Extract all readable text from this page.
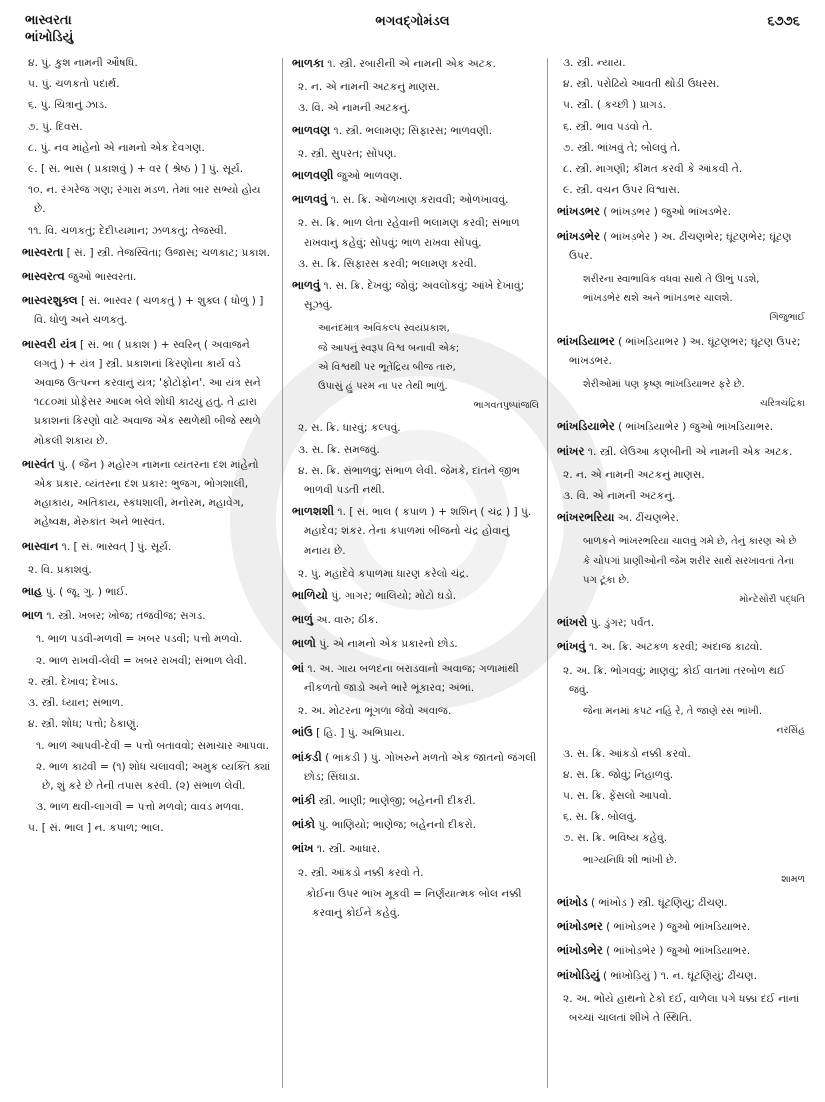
ભાસ્વરતા
ભાંખોડિયું
ભગવદ્ગોમંડલ	૬૭૭૬
૪. પું. કુશ નામની ઔષધિ.
૫. પું. ચળકતો પદાર્થ.
૬. પું. ચિત્રાનું ઝાડ.
૭. પું. દિવસ.
૮. પું. નવ માંહેનો એ નામનો એક દેવગણ.
૯. [ સં. ભાસ ( પ્રકાશવું ) + વર ( શ્રેષ્ઠ ) ] પું. સૂર્ય.
૧૦. ન. રંગરેજ ગણ; રંગારા મંડળ. તેમાં બાર સભ્યો હોય છે.
૧૧. વિ. ચળકતું; દેદીપ્યમાન; ઝળકતું; તેજસ્વી.
ભાસ્વરતા [ સં. ] સ્ત્રી. તેજસ્વિતા; ઉજાસ; ચળકાટ; પ્રકાશ.
ભાસ્વરત્વ જુઓ ભાસ્વરતા.
ભાસ્વરશુક્લ [ સં. ભાસ્વર ( ચળકતું ) + શુક્લ ( ધોળું ) ] વિ. ધોળું અને ચળકતું.
ભાસ્વરી યંત્ર [ સં. ભા ( પ્રકાશ ) + સ્વરિન્ ( અવાજને લગતું ) + યંત્ર ] સ્ત્રી. પ્રકાશનાં કિરણોના કાર્ય વડે અવાજ ઉત્પન્ન કરવાનું યંત્ર; 'ફોટોફોન'. આ યંત્ર સને ૧૮૮૦માં પ્રોફેસર આલ્મ બેલે શોધી કાઢયું હતું. તે દ્વારા પ્રકાશનાં કિરણો વાટે અવાજ એક સ્થળેથી બીજે સ્થળે મોકલી શકાય છે.
ભાસ્વંત પું. ( જૈન ) મહોરગ નામના વ્યંતરના દશ માંહેનો એક પ્રકાર. વ્યંતરના દશ પ્રકાર: ભુજગ, ભોગશાલી, મહાકાય, અતિકાય, સ્કંધશાલી, મનોરમ, મહાવેગ, મહેષ્વક્ષ, મેરુકાંત અને ભાસ્વંત.
ભાસ્વાન ૧. [ સં. ભાસ્વત્ ] પું. સૂર્ય.
૨. વિ. પ્રકાશવું.
ભાહ પું. ( જૂ. ગુ. ) ભાઈ.
ભાળ ૧. સ્ત્રી. ખબર; ખોજ; તજવીજ; સગડ.
૧. ભાળ પડવી-મળવી = ખબર પડવી; પત્તો મળવો.
૨. ભાળ રાખવી-લેવી = ખબર રાખવી; સંભાળ લેવી.
૨. સ્ત્રી. દેખાવ; દેખાડ.
૩. સ્ત્રી. ધ્યાન; સંભાળ.
૪. સ્ત્રી. શોધ; પત્તો; ઠેકાણું.
૧. ભાળ આપવી-દેવી = પત્તો બતાવવો; સમાચાર આપવા.
૨. ભાળ કાઢવી = (૧) શોધ ચલાવવી; અમુક વ્યક્તિ ક્યાં છે, શું કરે છે તેની તપાસ કરવી. (૨) સંભાળ લેવી.
૩. ભાળ થવી-લાગવી = પત્તો મળવો; વાવડ મળવા.
૫. [ સં. ભાલ ] ન. કપાળ; ભાલ.
ભાળકા ૧. સ્ત્રી. રબારીની એ નામની એક અટક.
૨. ન. એ નામની અટકનું માણસ.
૩. વિ. એ નામની અટકનું.
ભાળવણ ૧. સ્ત્રી. ભલામણ; સિફારસ; ભાળવણી.
૨. સ્ત્રી. સુપરત; સોંપણ.
ભાળવણી જુઓ ભાળવણ.
ભાળવવું ૧. સ. ક્રિ. ઓળખાણ કરાવવી; ઓળખાવવું.
૨. સ. ક્રિ. ભાળ લેતા રહેવાની ભલામણ કરવી; સંભાળ રાખવાનું કહેવું; સોંપવું; ભાળ રાખવા સોંપવું.
૩. સ. ક્રિ. સિફારસ કરવી; ભલામણ કરવી.
ભાળવું ૧. સ. ક્રિ. દેખવું; જોવું; અવલોકવું; આંખે દેખાવું; સૂઝવું.
આનંદમાત્ર અવિકલ્પ સ્વયંપ્રકાશ,
જે આપનું સ્વરૂપ વિશ્વ બનાવી એક;
એ વિશ્વથી પર ભૂતેંદ્રિય બીજ તારું,
ઉપાસું હું પરમ ના પર તેથી ભાળું.
ભાગવતપુષ્પાંજલિ
૨. સ. ક્રિ. ધારવું; કલ્પવું.
૩. સ. ક્રિ. સમજવું.
૪. સ. ક્રિ. સંભાળવું; સંભાળ લેવી. જેમકે, દાંતને જીભ ભાળવી પડતી નથી.
ભાળશશી ૧. [ સં. ભાલ ( કપાળ ) + શશિન્ ( ચંદ્ર ) ] પું. મહાદેવ; શંકર. તેના કપાળમાં બીજનો ચંદ્ર હોવાનું મનાય છે.
૨. પું. મહાદેવે કપાળમાં ધારણ કરેલો ચંદ્ર.
ભાળિયો પું. ગાગર; ભાલિયો; મોટો ઘડો.
ભાળું અ. વારુ; ઠીક.
ભાળો પું. એ નામનો એક પ્રકારનો છોડ.
ભાં ૧. અ. ગાય બળદના બરાડવાનો અવાજ; ગળામાંથી નીકળતો જાડો અને ભારે ભૂંકારવ; અંભાં.
૨. અ. મોટરના ભૂંગળા જેવો અવાજ.
ભાંઉ [ હિ. ] પું. અભિપ્રાય.
ભાંકડી ( ભાંકડી ) પું. ગોખરુને મળતો એક જાતનો જંગલી છોડ; સિંઘાડા.
ભાંકી સ્ત્રી. ભાણી; ભાણેજી; બહેનની દીકરી.
ભાંકો પું. ભાણિયો; ભાણેજ; બહેનનો દીકરો.
ભાંખ ૧. સ્ત્રી. આધાર.
૨. સ્ત્રી. આંકડો નક્કી કરવો તે.
કોઈના ઉપર ભાંખ મૂકવી = નિર્ણયાત્મક બોલ નક્કી કરવાનું કોઈને કહેવું.
૩. સ્ત્રી. ન્યાય.
૪. સ્ત્રી. પરોઢિયે આવતી થોડી ઉધરસ.
૫. સ્ત્રી. ( કચ્છી ) પ્રાગડ.
૬. સ્ત્રી. ભાવ પડવો તે.
૭. સ્ત્રી. ભાંખવું તે; બોલવું તે.
૮. સ્ત્રી. માગણી; કીમત કરવી કે આંકવી તે.
૯. સ્ત્રી. વચન ઉપર વિશ્વાસ.
ભાંખડભર ( ભાંખડ઼ભર ) જુઓ ભાંખડભેર.
ભાંખડભેર ( ભાંખડ઼ભેર ) અ. ઢીંચણભેર; ઘૂંટણભેર; ઘૂંટણ ઉપર.
શરીરના સ્વાભાવિક વધવા સાથે તે ઊભું પડશે,
ભાંખડભેર થશે અને ભાંખડભર ચાલશે.
ગિજુભાઈ
ભાંખડિયાભર ( ભાંખડ઼િયાભર ) અ. ઘૂંટણભર; ઘૂંટણ ઉપર; ભાંખડભર.
શેરીઓમાં પણ કૃષ્ણ ભાંખડિયાભર ફરે છે.
ચરિત્રચંદ્રિકા
ભાંખડિયાભેર ( ભાંખડ઼િયાભેર ) જુઓ ભાંખડિયાભર.
ભાંખર ૧. સ્ત્રી. લેઉઆ કણબીની એ નામની એક અટક.
૨. ન. એ નામની અટકનું માણસ.
૩. વિ. એ નામની અટકનું.
ભાંખરભરિયા અ. ઢીંચણભેર.
બાળકને ભાંખરભરિયા ચાલવું ગમે છે, તેનું કારણ એ છે કે ચોપગાં પ્રાણીઓની જેમ શરીર સાથે સરખાવતાં તેના પગ ટૂંકા છે.
મોન્ટેસોરી પદ્ધતિ
ભાંખરો પું. ડુંગર; પર્વત.
ભાંખવું ૧. અ. ક્રિ. અટકળ કરવી; અંદાજ કાઢવો.
૨. અ. ક્રિ. ભોગવવું; માણવું; કોઈ વાતમાં તરબોળ થઈ જવું.
જેના મનમાં કપટ નહિ રે, તે જાણે રસ ભાંખી.
નરસિંહ
૩. સ. ક્રિ. આંકડો નક્કી કરવો.
૪. સ. ક્રિ. જોવું; નિહાળવું.
૫. સ. ક્રિ. ફેંસલો આપવો.
૬. સ. ક્રિ. બોલવું.
૭. સ. ક્રિ. ભવિષ્ય કહેવું.
ભાગ્યનિધિ શી ભાંખી છે.
શામળ
ભાંખોડ ( ભાંખોડ઼ ) સ્ત્રી. ઘૂંટણિયું; ઢીંચણ.
ભાંખોડભર ( ભાંખોડ઼ભર ) જુઓ ભાંખડિયાભર.
ભાંખોડભેર ( ભાંખોડ઼ભેર ) જુઓ ભાંખડિયાભર.
ભાંખોડિયું ( ભાંખોડ઼િયું ) ૧. ન. ઘૂંટણિયું; ઢીંચણ.
૨. અ. ભોંયે હાથનો ટેકો દઈ, વાળેલા પગે ધક્કા દઈ નાનાં બચ્ચાં ચાલતાં શીખે તે સ્થિતિ.
